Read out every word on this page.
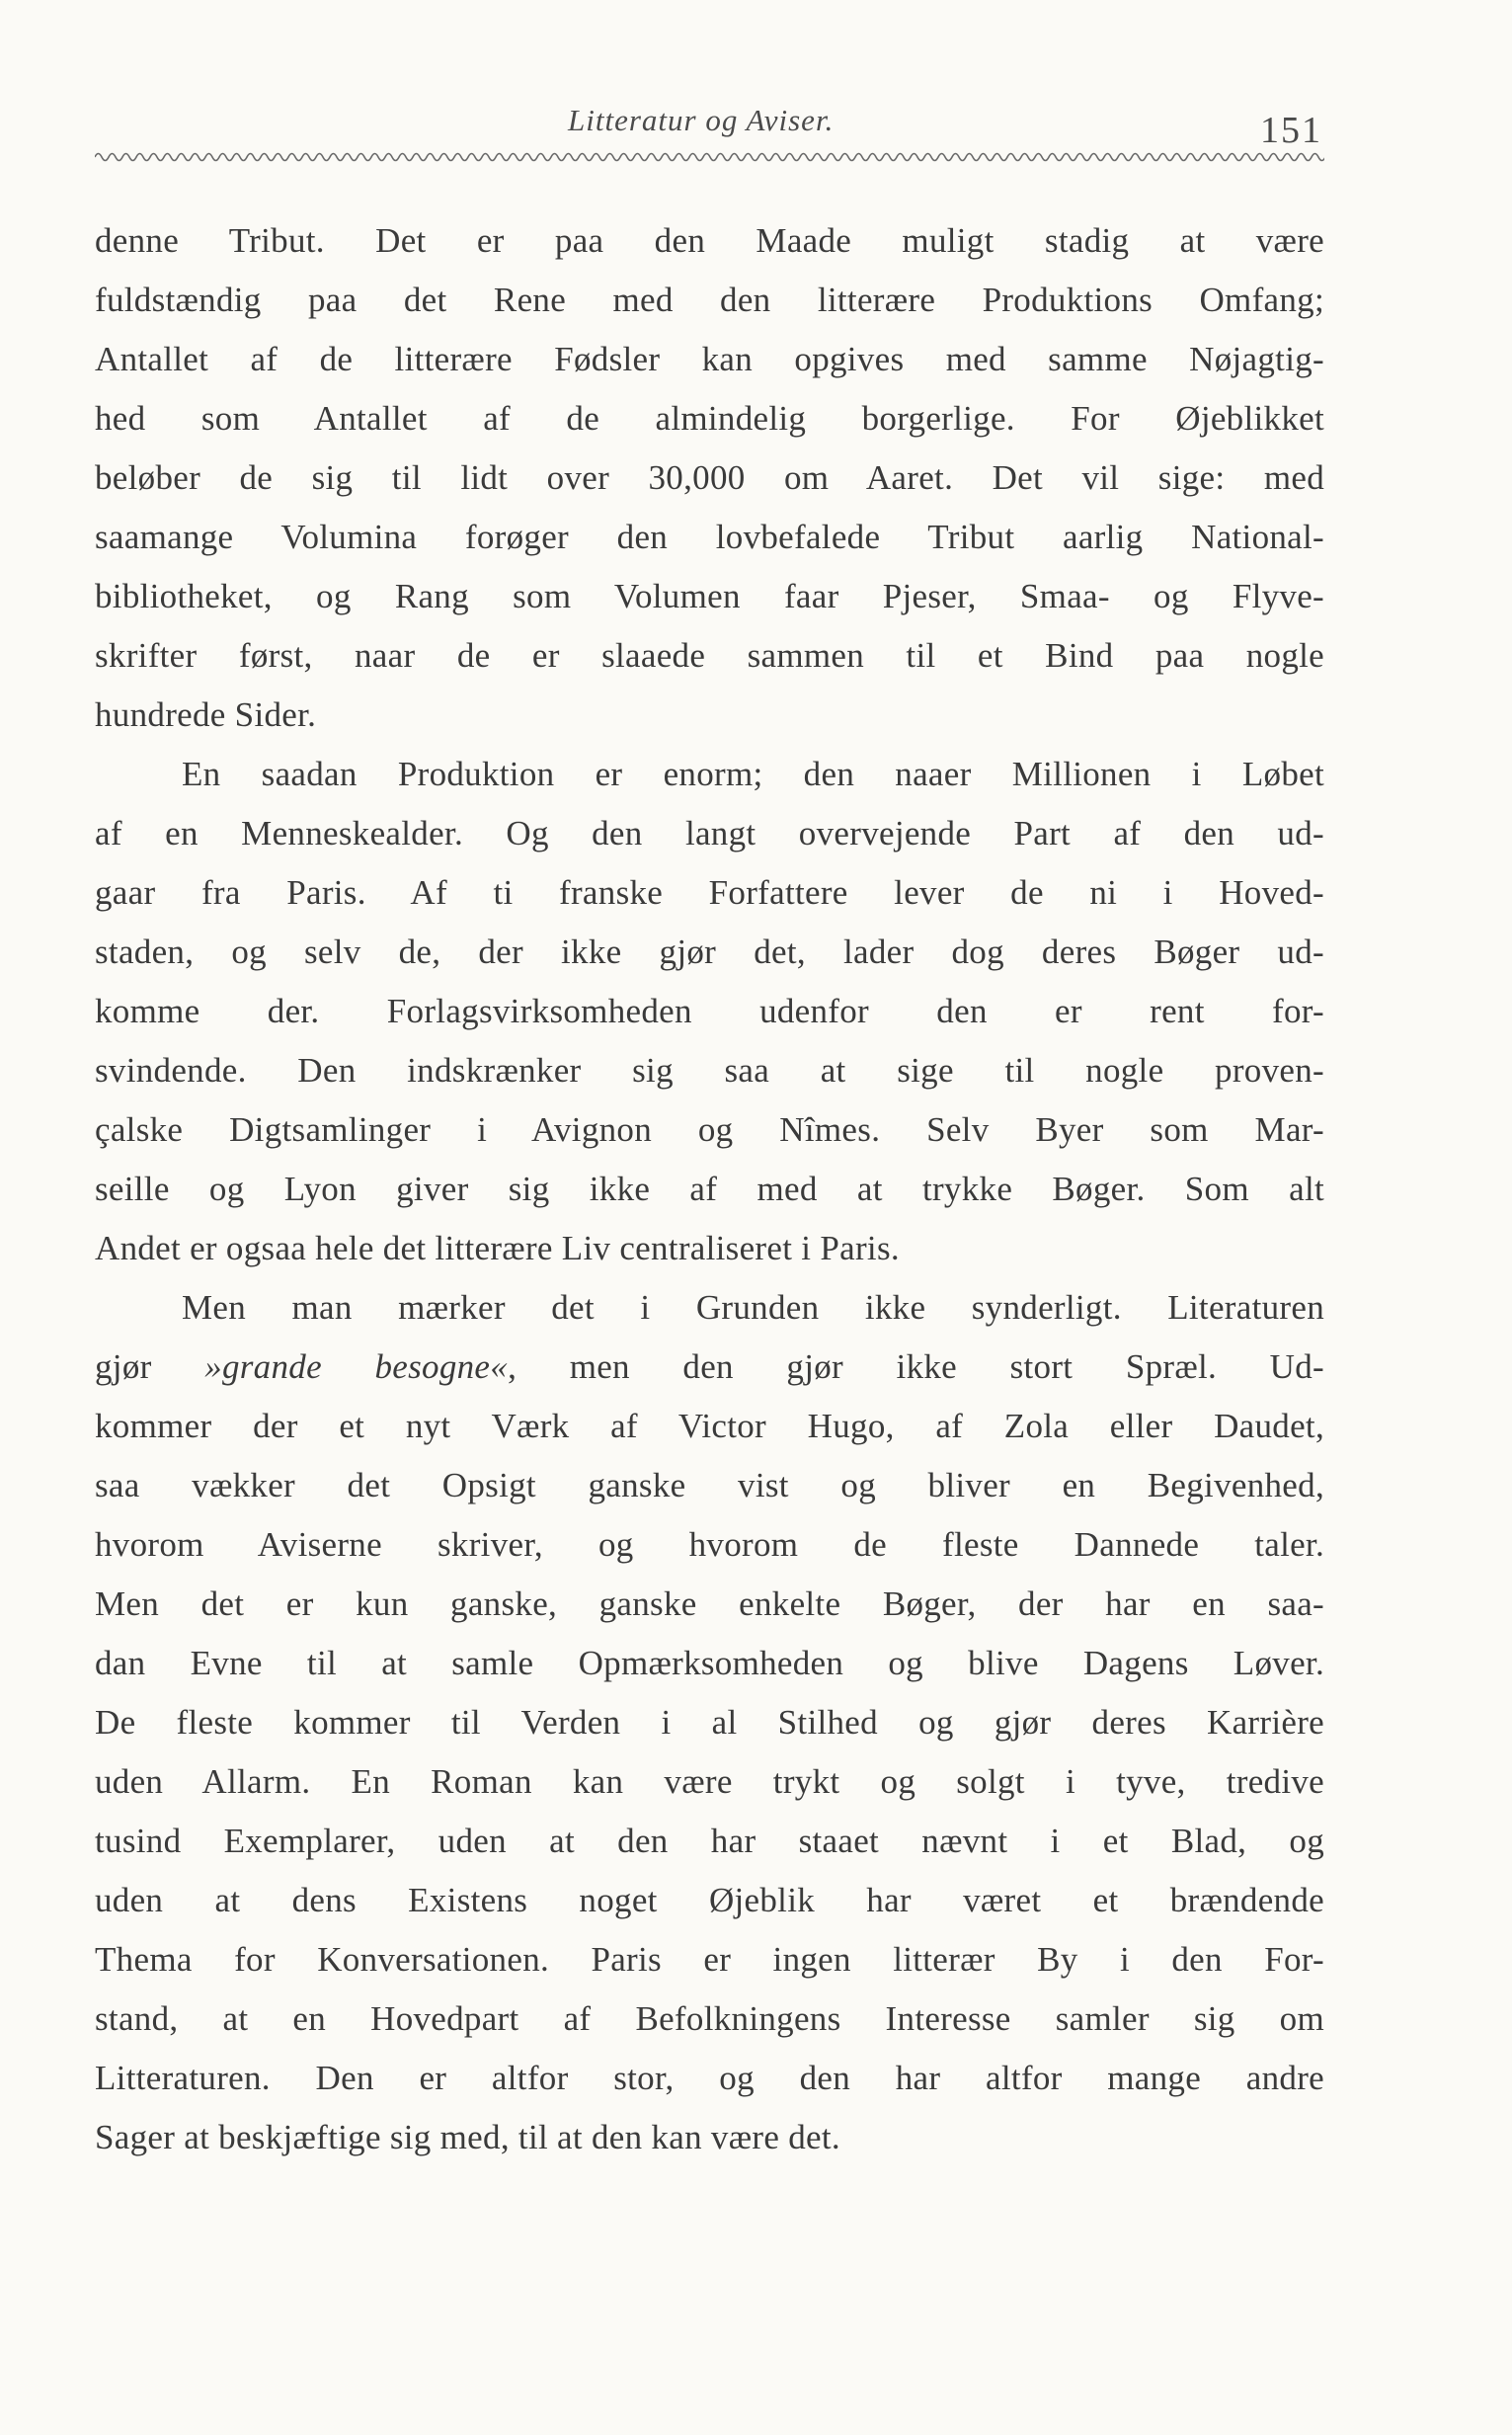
Litteratur og Aviser.	151
denne Tribut. Det er paa den Maade muligt stadig at være
fuldstændig paa det Rene med den litterære Produktions Omfang;
Antallet af de litterære Fødsler kan opgives med samme Nøjagtig-
hed som Antallet af de almindelig borgerlige. For Øjeblikket
beløber de sig til lidt over 30,000 om Aaret. Det vil sige: med
saamange Volumina forøger den lovbefalede Tribut aarlig National-
bibliotheket, og Rang som Volumen faar Pjeser, Smaa- og Flyve-
skrifter først, naar de er slaaede sammen til et Bind paa nogle
hundrede Sider.
En saadan Produktion er enorm; den naaer Millionen i Løbet
af en Menneskealder. Og den langt overvejende Part af den ud-
gaar fra Paris. Af ti franske Forfattere lever de ni i Hoved-
staden, og selv de, der ikke gjør det, lader dog deres Bøger ud-
komme der. Forlagsvirksomheden udenfor den er rent for-
svindende. Den indskrænker sig saa at sige til nogle proven-
çalske Digtsamlinger i Avignon og Nîmes. Selv Byer som Mar-
seille og Lyon giver sig ikke af med at trykke Bøger. Som alt
Andet er ogsaa hele det litterære Liv centraliseret i Paris.
Men man mærker det i Grunden ikke synderligt. Literaturen
gjør »grande besogne«, men den gjør ikke stort Spræl. Ud-
kommer der et nyt Værk af Victor Hugo, af Zola eller Daudet,
saa vækker det Opsigt ganske vist og bliver en Begivenhed,
hvorom Aviserne skriver, og hvorom de fleste Dannede taler.
Men det er kun ganske, ganske enkelte Bøger, der har en saa-
dan Evne til at samle Opmærksomheden og blive Dagens Løver.
De fleste kommer til Verden i al Stilhed og gjør deres Karrière
uden Allarm. En Roman kan være trykt og solgt i tyve, tredive
tusind Exemplarer, uden at den har staaet nævnt i et Blad, og
uden at dens Existens noget Øjeblik har været et brændende
Thema for Konversationen. Paris er ingen litterær By i den For-
stand, at en Hovedpart af Befolkningens Interesse samler sig om
Litteraturen. Den er altfor stor, og den har altfor mange andre
Sager at beskjæftige sig med, til at den kan være det.
